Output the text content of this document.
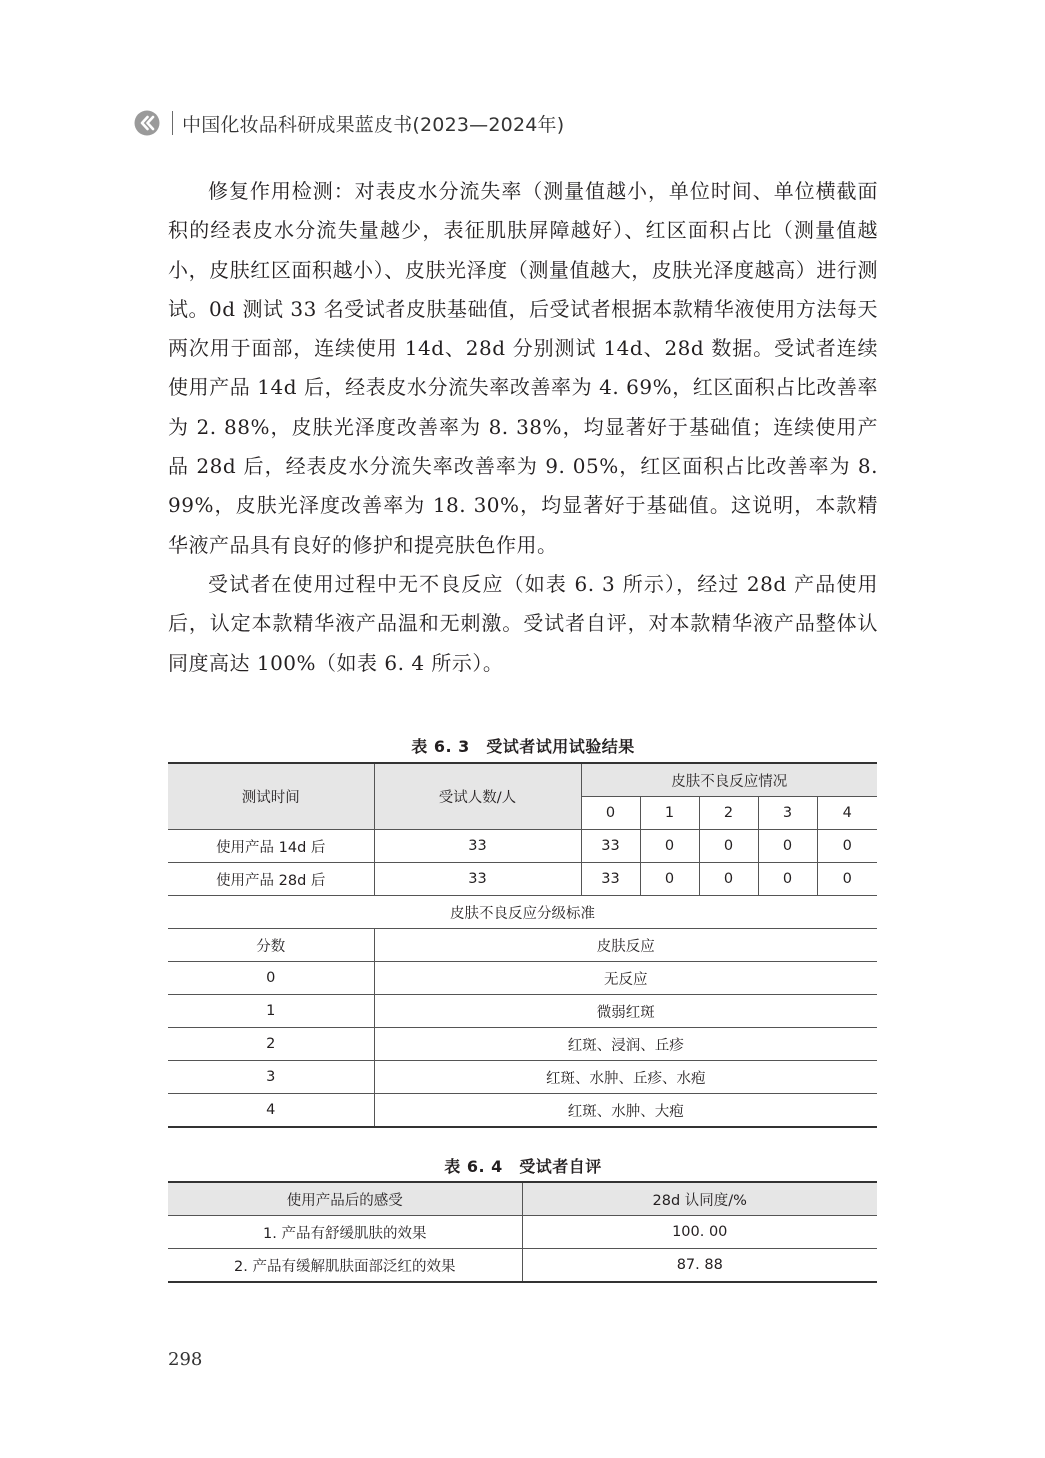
中国化妆品科研成果蓝皮书(2023—2024年)

修复作用检测：对表皮水分流失率（测量值越小，单位时间、单位横截面积的经表皮水分流失量越少，表征肌肤屏障越好）、红区面积占比（测量值越小，皮肤红区面积越小）、皮肤光泽度（测量值越大，皮肤光泽度越高）进行测试。0d 测试 33 名受试者皮肤基础值，后受试者根据本款精华液使用方法每天两次用于面部，连续使用 14d、28d 分别测试 14d、28d 数据。受试者连续使用产品 14d 后，经表皮水分流失率改善率为 4. 69%，红区面积占比改善率为 2. 88%，皮肤光泽度改善率为 8. 38%，均显著好于基础值；连续使用产品 28d 后，经表皮水分流失率改善率为 9. 05%，红区面积占比改善率为 8. 99%，皮肤光泽度改善率为 18. 30%，均显著好于基础值。这说明，本款精华液产品具有良好的修护和提亮肤色作用。

受试者在使用过程中无不良反应（如表 6. 3 所示），经过 28d 产品使用后，认定本款精华液产品温和无刺激。受试者自评，对本款精华液产品整体认同度高达 100%（如表 6. 4 所示）。

表 6. 3　受试者试用试验结果
测试时间	受试人数/人	皮肤不良反应情况				
		0	1	2	3	4
使用产品 14d 后	33	33	0	0	0	0
使用产品 28d 后	33	33	0	0	0	0
皮肤不良反应分级标准						
分数	皮肤反应					
0	无反应					
1	微弱红斑					
2	红斑、浸润、丘疹					
3	红斑、水肿、丘疹、水疱					
4	红斑、水肿、大疱					
表 6. 4　受试者自评
使用产品后的感受	28d 认同度/%
1. 产品有舒缓肌肤的效果	100. 00
2. 产品有缓解肌肤面部泛红的效果	87. 88
298
